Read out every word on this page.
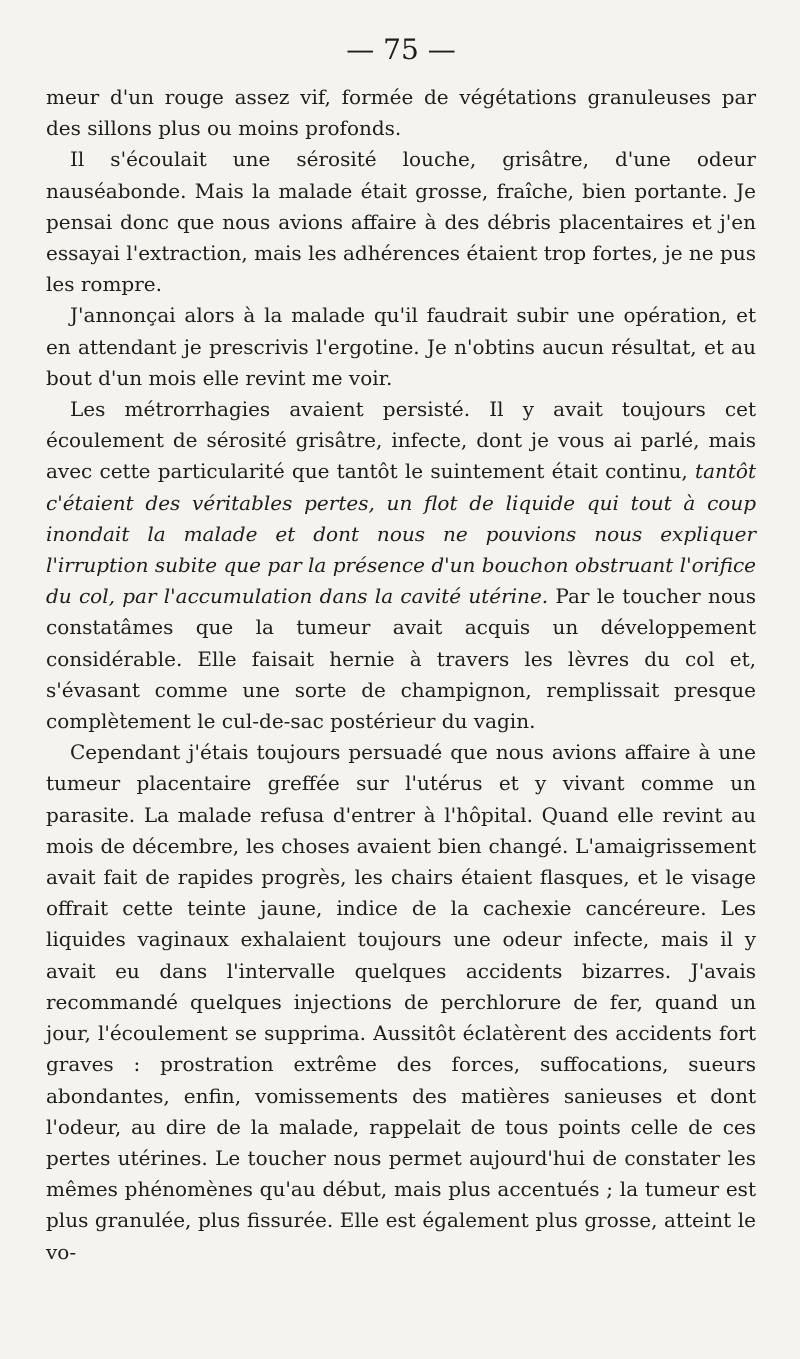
— 75 —

meur d'un rouge assez vif, formée de végétations granuleuses par des sillons plus ou moins profonds.

Il s'écoulait une sérosité louche, grisâtre, d'une odeur nauséabonde. Mais la malade était grosse, fraîche, bien portante. Je pensai donc que nous avions affaire à des débris placentaires et j'en essayai l'extraction, mais les adhérences étaient trop fortes, je ne pus les rompre.

J'annonçai alors à la malade qu'il faudrait subir une opération, et en attendant je prescrivis l'ergotine. Je n'obtins aucun résultat, et au bout d'un mois elle revint me voir.

Les métrorrhagies avaient persisté. Il y avait toujours cet écoulement de sérosité grisâtre, infecte, dont je vous ai parlé, mais avec cette particularité que tantôt le suintement était continu, tantôt c'étaient des véritables pertes, un flot de liquide qui tout à coup inondait la malade et dont nous ne pouvions nous expliquer l'irruption subite que par la présence d'un bouchon obstruant l'orifice du col, par l'accumulation dans la cavité utérine. Par le toucher nous constatâmes que la tumeur avait acquis un développement considérable. Elle faisait hernie à travers les lèvres du col et, s'évasant comme une sorte de champignon, remplissait presque complètement le cul-de-sac postérieur du vagin.

Cependant j'étais toujours persuadé que nous avions affaire à une tumeur placentaire greffée sur l'utérus et y vivant comme un parasite. La malade refusa d'entrer à l'hôpital. Quand elle revint au mois de décembre, les choses avaient bien changé. L'amaigrissement avait fait de rapides progrès, les chairs étaient flasques, et le visage offrait cette teinte jaune, indice de la cachexie cancéreure. Les liquides vaginaux exhalaient toujours une odeur infecte, mais il y avait eu dans l'intervalle quelques accidents bizarres. J'avais recommandé quelques injections de perchlorure de fer, quand un jour, l'écoulement se supprima. Aussitôt éclatèrent des accidents fort graves : prostration extrême des forces, suffocations, sueurs abondantes, enfin, vomissements des matières sanieuses et dont l'odeur, au dire de la malade, rappelait de tous points celle de ces pertes utérines. Le toucher nous permet aujourd'hui de constater les mêmes phénomènes qu'au début, mais plus accentués ; la tumeur est plus granulée, plus fissurée. Elle est également plus grosse, atteint le vo-
